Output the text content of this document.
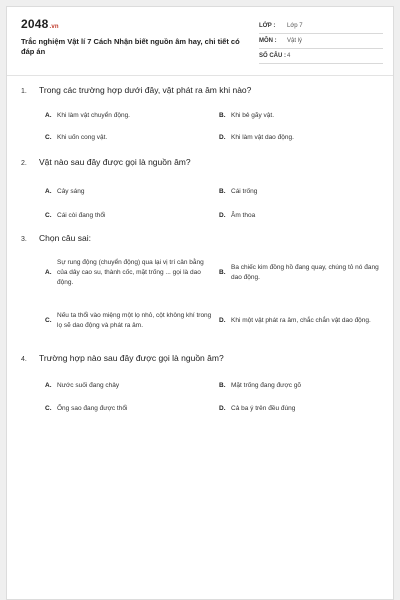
2048.vn
Trắc nghiệm Vật lí 7 Cách Nhận biết nguồn âm hay, chi tiết có đáp án
LỚP :	Lớp 7
MÔN :	Vật lý
SỐ CÂU : 4
1.	Trong các trường hợp dưới đây, vật phát ra âm khi nào?
A. Khi làm vật chuyển động.	B. Khi bẻ gãy vật.
C. Khi uốn cong vật.	D. Khi làm vật dao động.
2.	Vật nào sau đây được gọi là nguồn âm?
A. Cây sáng	B. Cái trống
C. Cái còi đang thổi	D. Âm thoa
3.	Chọn câu sai:
A.
Sự rung động (chuyển động) qua lại vị trí cân bằng của dây cao su, thành cốc, mặt trống ... gọi là dao động.
B.
Ba chiếc kim đồng hồ đang quay, chúng tỏ nó đang dao động.
C.
Nếu ta thổi vào miệng một lọ nhỏ, cột không khí trong lọ sẽ dao động và phát ra âm.
D. Khi một vật phát ra âm, chắc chắn vật dao động.
4.	Trường hợp nào sau đây được gọi là nguồn âm?
A. Nước suối đang chảy	B. Mặt trống đang được gõ
C. Ống sao đang được thổi	D. Cả ba ý trên đều đúng
